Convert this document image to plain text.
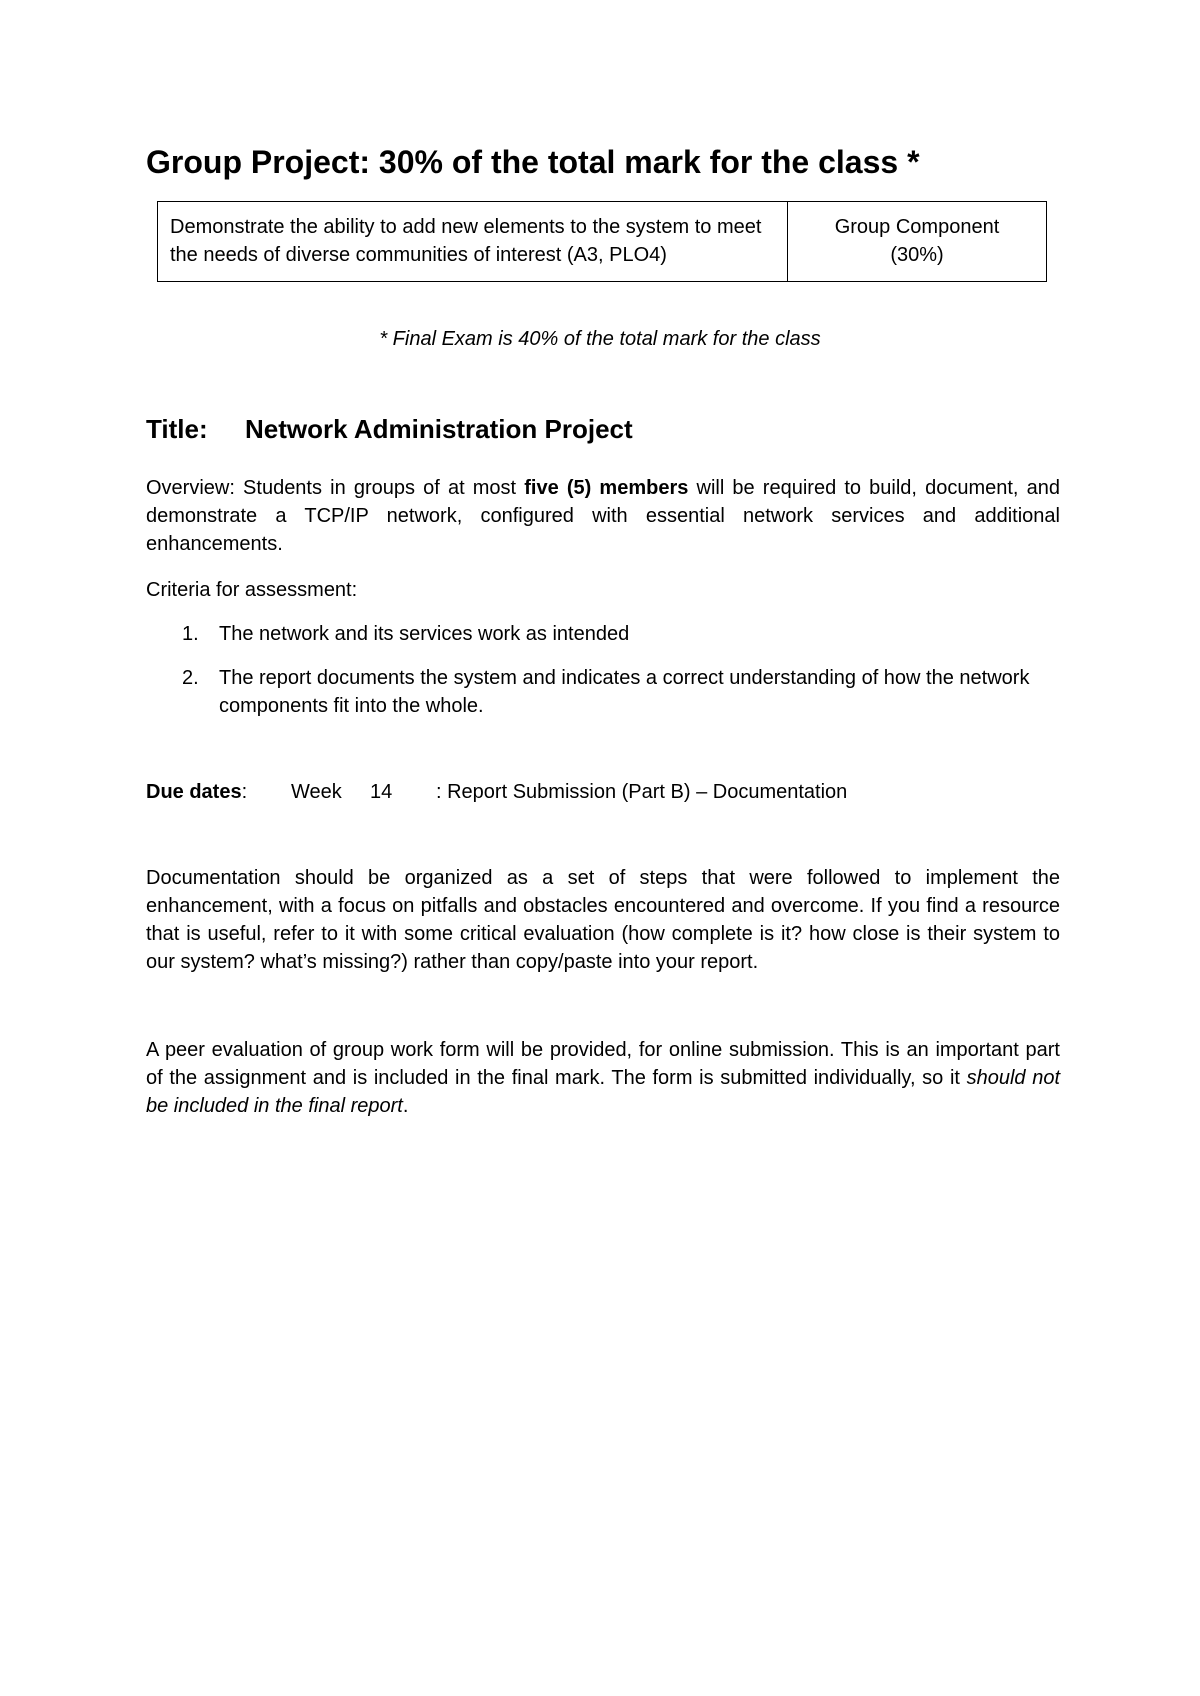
Group Project: 30% of the total mark for the class *
Demonstrate the ability to add new elements to the system to meet the needs of diverse communities of interest (A3, PLO4)	Group Component
(30%)
* Final Exam is 40% of the total mark for the class
Title: Network Administration Project
Overview: Students in groups of at most five (5) members will be required to build, document, and demonstrate a TCP/IP network, configured with essential network services and additional enhancements.
Criteria for assessment:
1. The network and its services work as intended
2. The report documents the system and indicates a correct understanding of how the network components fit into the whole.
Due dates: Week 14 : Report Submission (Part B) – Documentation
Documentation should be organized as a set of steps that were followed to implement the enhancement, with a focus on pitfalls and obstacles encountered and overcome. If you find a resource that is useful, refer to it with some critical evaluation (how complete is it? how close is their system to our system? what’s missing?) rather than copy/paste into your report.
A peer evaluation of group work form will be provided, for online submission. This is an important part of the assignment and is included in the final mark. The form is submitted individually, so it should not be included in the final report.
